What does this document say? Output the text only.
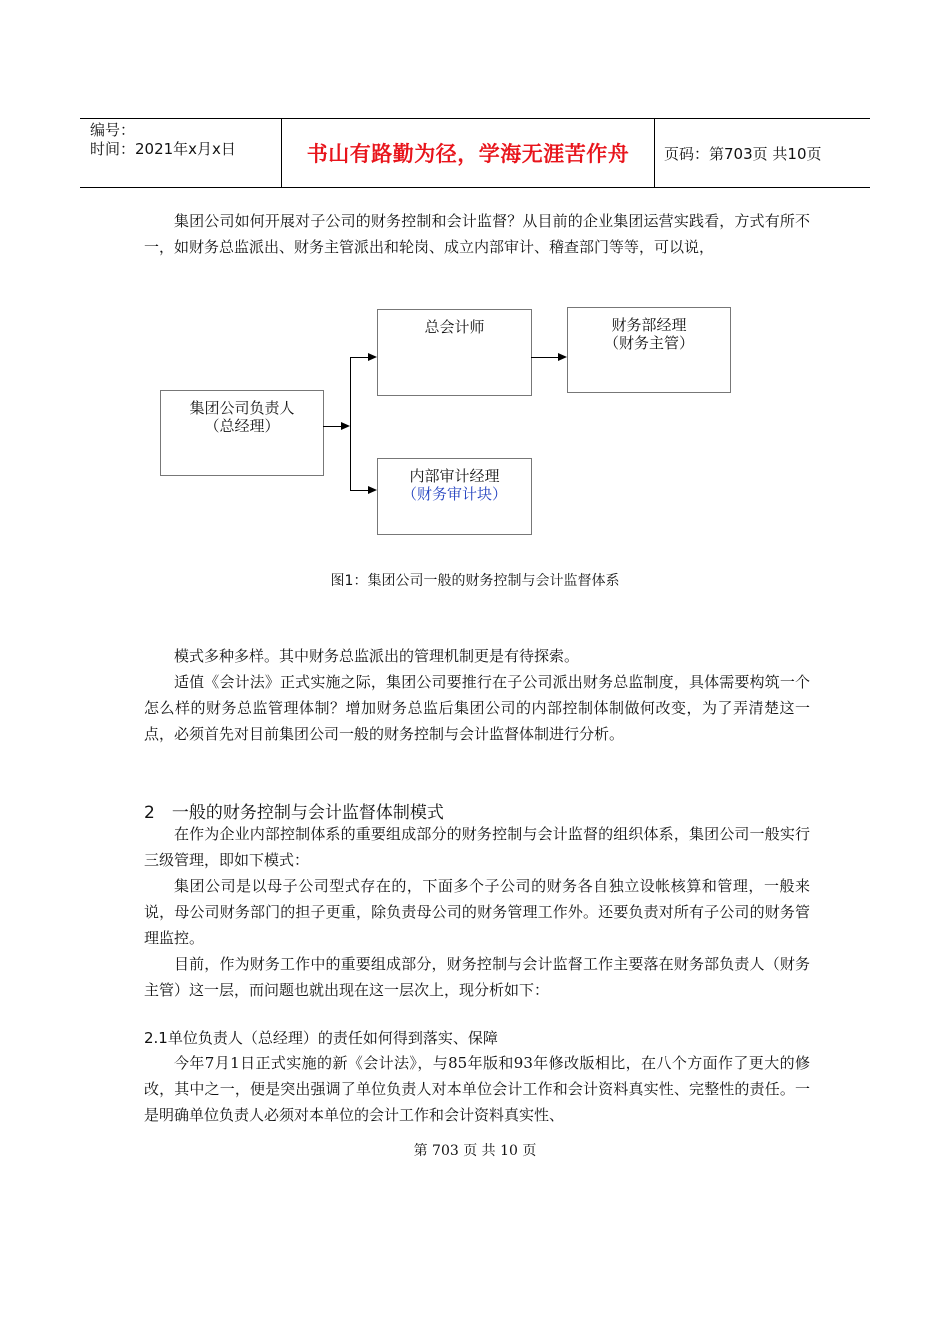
编号：
时间：2021年x月x日	书山有路勤为径，学海无涯苦作舟	页码：第703页 共10页

集团公司如何开展对子公司的财务控制和会计监督？从目前的企业集团运营实践看，方式有所不一，如财务总监派出、财务主管派出和轮岗、成立内部审计、稽查部门等等，可以说，

集团公司负责人
（总经理）
总会计师	财务部经理
（财务主管）
内部审计经理
（财务审计块）
图1：集团公司一般的财务控制与会计监督体系

模式多种多样。其中财务总监派出的管理机制更是有待探索。

适值《会计法》正式实施之际，集团公司要推行在子公司派出财务总监制度，具体需要构筑一个怎么样的财务总监管理体制？增加财务总监后集团公司的内部控制体制做何改变，为了弄清楚这一点，必须首先对目前集团公司一般的财务控制与会计监督体制进行分析。

2　一般的财务控制与会计监督体制模式

在作为企业内部控制体系的重要组成部分的财务控制与会计监督的组织体系，集团公司一般实行三级管理，即如下模式：

集团公司是以母子公司型式存在的，下面多个子公司的财务各自独立设帐核算和管理，一般来说，母公司财务部门的担子更重，除负责母公司的财务管理工作外。还要负责对所有子公司的财务管理监控。

目前，作为财务工作中的重要组成部分，财务控制与会计监督工作主要落在财务部负责人（财务主管）这一层，而问题也就出现在这一层次上，现分析如下：

2.1单位负责人（总经理）的责任如何得到落实、保障

今年7月1日正式实施的新《会计法》，与85年版和93年修改版相比，在八个方面作了更大的修改，其中之一，便是突出强调了单位负责人对本单位会计工作和会计资料真实性、完整性的责任。一是明确单位负责人必须对本单位的会计工作和会计资料真实性、

第 703 页 共 10 页
